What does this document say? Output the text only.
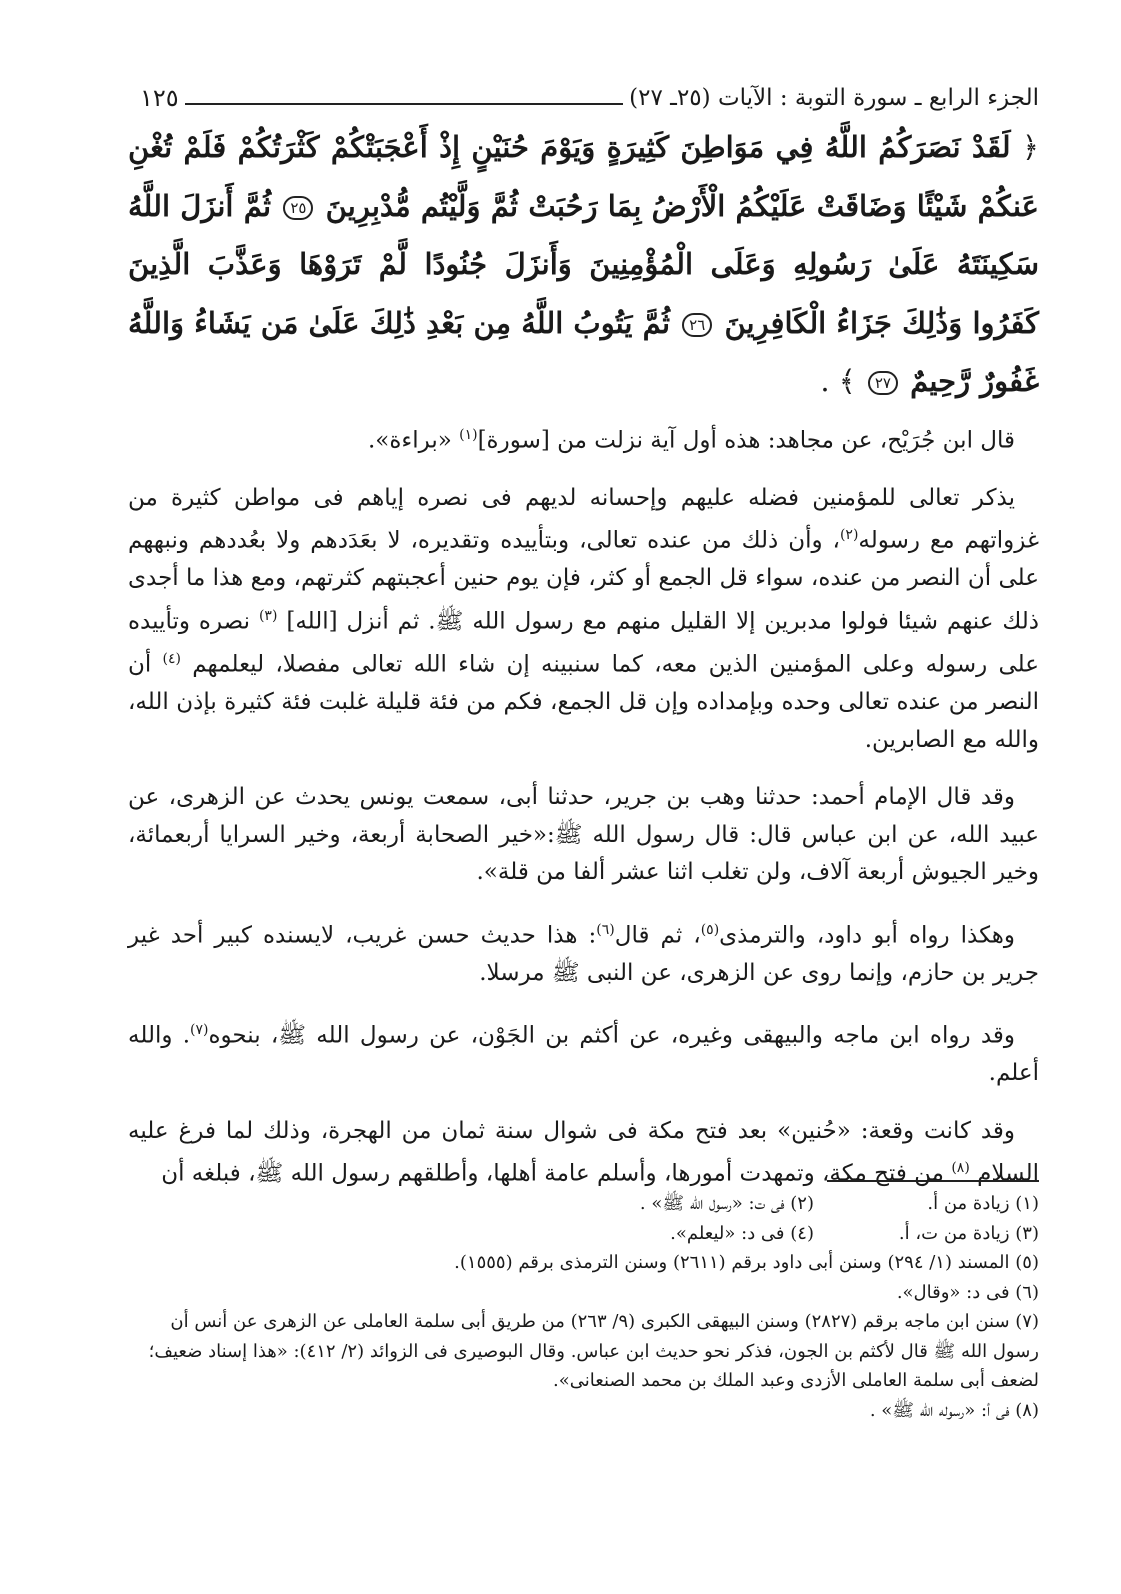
الجزء الرابع ـ سورة التوبة : الآيات (٢٥ـ ٢٧)
١٢٥

﴿ لَقَدْ نَصَرَكُمُ اللَّهُ فِي مَوَاطِنَ كَثِيرَةٍ وَيَوْمَ حُنَيْنٍ إِذْ أَعْجَبَتْكُمْ كَثْرَتُكُمْ فَلَمْ تُغْنِ عَنكُمْ شَيْئًا وَضَاقَتْ عَلَيْكُمُ الْأَرْضُ بِمَا رَحُبَتْ ثُمَّ وَلَّيْتُم مُّدْبِرِينَ ٢٥ ثُمَّ أَنزَلَ اللَّهُ سَكِينَتَهُ عَلَىٰ رَسُولِهِ وَعَلَى الْمُؤْمِنِينَ وَأَنزَلَ جُنُودًا لَّمْ تَرَوْهَا وَعَذَّبَ الَّذِينَ كَفَرُوا وَذَٰلِكَ جَزَاءُ الْكَافِرِينَ ٢٦ ثُمَّ يَتُوبُ اللَّهُ مِن بَعْدِ ذَٰلِكَ عَلَىٰ مَن يَشَاءُ وَاللَّهُ غَفُورٌ رَّحِيمٌ ٢٧ ﴾ .

قال ابن جُرَيْح، عن مجاهد: هذه أول آية نزلت من [سورة]$^{(١)}$ «براءة».

يذكر تعالى للمؤمنين فضله عليهم وإحسانه لديهم فى نصره إياهم فى مواطن كثيرة من غزواتهم مع رسوله$^{(٢)}$، وأن ذلك من عنده تعالى، وبتأييده وتقديره، لا بعَدَدهم ولا بعُددهم ونبههم على أن النصر من عنده، سواء قل الجمع أو كثر، فإن يوم حنين أعجبتهم كثرتهم، ومع هذا ما أجدى ذلك عنهم شيئا فولوا مدبرين إلا القليل منهم مع رسول الله ﷺ. ثم أنزل [الله] $^{(٣)}$ نصره وتأييده على رسوله وعلى المؤمنين الذين معه، كما سنبينه إن شاء الله تعالى مفصلا، ليعلمهم $^{(٤)}$ أن النصر من عنده تعالى وحده وبإمداده وإن قل الجمع، فكم من فئة قليلة غلبت فئة كثيرة بإذن الله، والله مع الصابرين.

وقد قال الإمام أحمد: حدثنا وهب بن جرير، حدثنا أبى، سمعت يونس يحدث عن الزهرى، عن عبيد الله، عن ابن عباس قال: قال رسول الله ﷺ:«خير الصحابة أربعة، وخير السرايا أربعمائة، وخير الجيوش أربعة آلاف، ولن تغلب اثنا عشر ألفا من قلة».

وهكذا رواه أبو داود، والترمذى$^{(٥)}$، ثم قال$^{(٦)}$: هذا حديث حسن غريب، لايسنده كبير أحد غير جرير بن حازم، وإنما روى عن الزهرى، عن النبى ﷺ مرسلا.

وقد رواه ابن ماجه والبيهقى وغيره، عن أكثم بن الجَوْن، عن رسول الله ﷺ، بنحوه$^{(٧)}$. والله أعلم.

وقد كانت وقعة: «حُنين» بعد فتح مكة فى شوال سنة ثمان من الهجرة، وذلك لما فرغ عليه السلام $^{(٨)}$ من فتح مكة، وتمهدت أمورها، وأسلم عامة أهلها، وأطلقهم رسول الله ﷺ، فبلغه أن

(١) زيادة من أ.
(٢) فى ت: «رسول الله ﷺ» .
(٣) زيادة من ت، أ.
(٤) فى د: «ليعلم».

(٥) المسند (١/ ٢٩٤) وسنن أبى داود برقم (٢٦١١) وسنن الترمذى برقم (١٥٥٥).

(٦) فى د: «وقال».

(٧) سنن ابن ماجه برقم (٢٨٢٧) وسنن البيهقى الكبرى (٩/ ٢٦٣) من طريق أبى سلمة العاملى عن الزهرى عن أنس أن رسول الله ﷺ قال لأكثم بن الجون، فذكر نحو حديث ابن عباس. وقال البوصيرى فى الزوائد (٢/ ٤١٢): «هذا إسناد ضعيف؛ لضعف أبى سلمة العاملى الأزدى وعبد الملك بن محمد الصنعانى».

(٨) فى أ: «رسوله الله ﷺ» .
